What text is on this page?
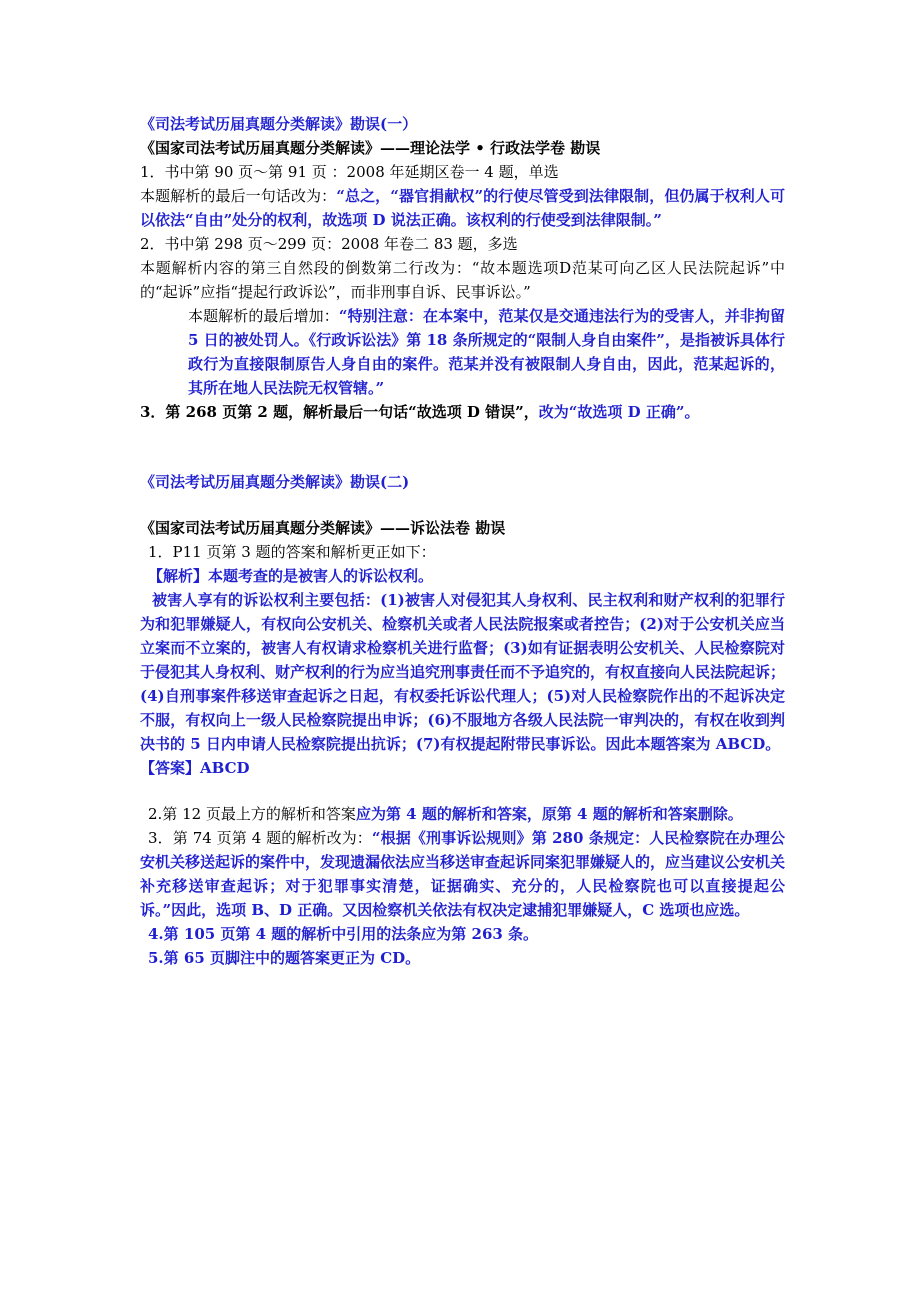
《司法考试历届真题分类解读》勘误(一）

《国家司法考试历届真题分类解读》——理论法学 • 行政法学卷 勘误

1．书中第 90 页～第 91 页 ：2008 年延期区卷一 4 题，单选

本题解析的最后一句话改为：“总之，“器官捐献权”的行使尽管受到法律限制，但仍属于权利人可以依法“自由”处分的权利，故选项 D 说法正确。该权利的行使受到法律限制。”

2．书中第 298 页～299 页：2008 年卷二 83 题，多选

本题解析内容的第三自然段的倒数第二行改为：“故本题选项D范某可向乙区人民法院起诉”中的“起诉”应指“提起行政诉讼”，而非刑事自诉、民事诉讼。”

本题解析的最后增加：“特别注意：在本案中，范某仅是交通违法行为的受害人，并非拘留 5 日的被处罚人。《行政诉讼法》第 18 条所规定的“限制人身自由案件”，是指被诉具体行政行为直接限制原告人身自由的案件。范某并没有被限制人身自由，因此，范某起诉的，其所在地人民法院无权管辖。”

3．第 268 页第 2 题，解析最后一句话“故选项 D 错误”，改为“故选项 D 正确”。

《司法考试历届真题分类解读》勘误(二)

《国家司法考试历届真题分类解读》——诉讼法卷 勘误

1．P11 页第 3 题的答案和解析更正如下：

【解析】本题考查的是被害人的诉讼权利。

被害人享有的诉讼权利主要包括：(1)被害人对侵犯其人身权利、民主权利和财产权利的犯罪行为和犯罪嫌疑人，有权向公安机关、检察机关或者人民法院报案或者控告；(2)对于公安机关应当立案而不立案的，被害人有权请求检察机关进行监督；(3)如有证据表明公安机关、人民检察院对于侵犯其人身权利、财产权利的行为应当追究刑事责任而不予追究的，有权直接向人民法院起诉；(4)自刑事案件移送审查起诉之日起，有权委托诉讼代理人；(5)对人民检察院作出的不起诉决定不服，有权向上一级人民检察院提出申诉；(6)不服地方各级人民法院一审判决的，有权在收到判决书的 5 日内申请人民检察院提出抗诉；(7)有权提起附带民事诉讼。因此本题答案为 ABCD。

【答案】ABCD

2.第 12 页最上方的解析和答案应为第 4 题的解析和答案，原第 4 题的解析和答案删除。

3．第 74 页第 4 题的解析改为：“根据《刑事诉讼规则》第 280 条规定：人民检察院在办理公安机关移送起诉的案件中，发现遗漏依法应当移送审查起诉同案犯罪嫌疑人的，应当建议公安机关补充移送审查起诉；对于犯罪事实清楚，证据确实、充分的，人民检察院也可以直接提起公诉。”因此，选项 B、D 正确。又因检察机关依法有权决定逮捕犯罪嫌疑人，C 选项也应选。

4.第 105 页第 4 题的解析中引用的法条应为第 263 条。

5.第 65 页脚注中的题答案更正为 CD。
